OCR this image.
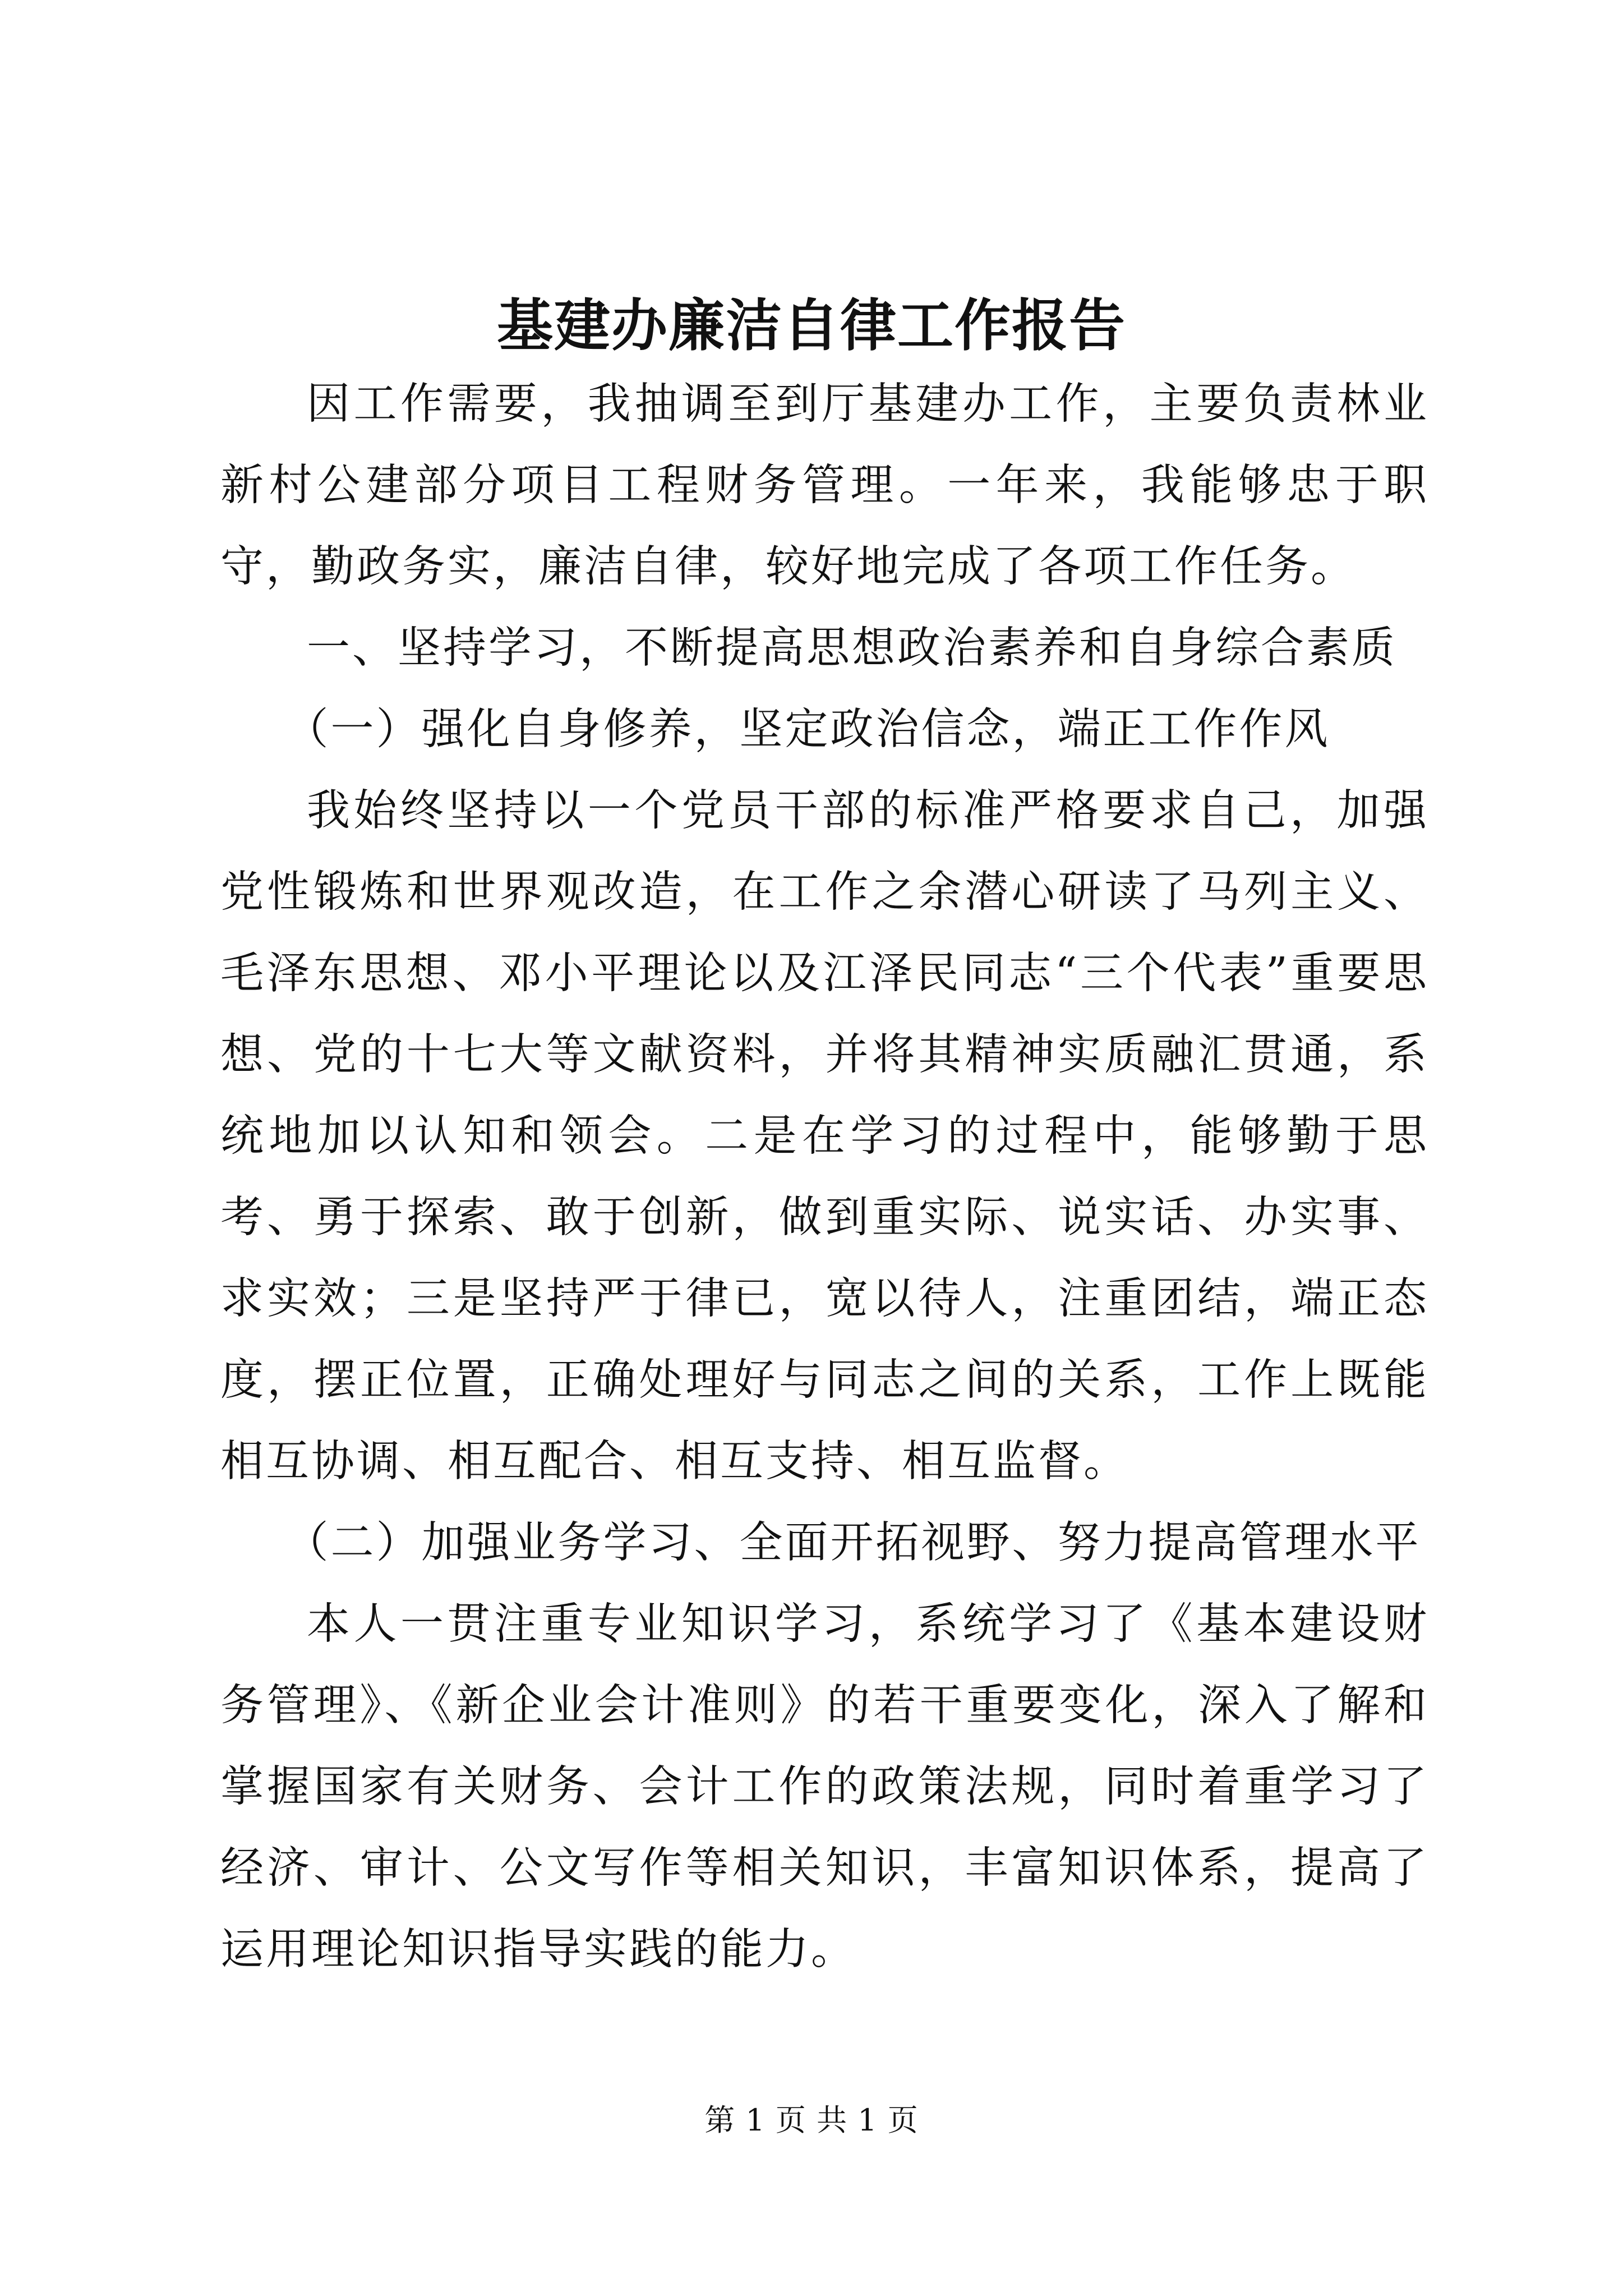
基建办廉洁自律工作报告

因工作需要，我抽调至到厅基建办工作，主要负责林业新村公建部分项目工程财务管理。一年来，我能够忠于职守，勤政务实，廉洁自律，较好地完成了各项工作任务。

一、坚持学习，不断提高思想政治素养和自身综合素质

（一）强化自身修养，坚定政治信念，端正工作作风

我始终坚持以一个党员干部的标准严格要求自己，加强党性锻炼和世界观改造，在工作之余潜心研读了马列主义、毛泽东思想、邓小平理论以及江泽民同志“三个代表”重要思想、党的十七大等文献资料，并将其精神实质融汇贯通，系统地加以认知和领会。二是在学习的过程中，能够勤于思考、勇于探索、敢于创新，做到重实际、说实话、办实事、求实效；三是坚持严于律已，宽以待人，注重团结，端正态度，摆正位置，正确处理好与同志之间的关系，工作上既能相互协调、相互配合、相互支持、相互监督。

（二）加强业务学习、全面开拓视野、努力提高管理水平

本人一贯注重专业知识学习，系统学习了《基本建设财务管理》、《新企业会计准则》的若干重要变化，深入了解和掌握国家有关财务、会计工作的政策法规，同时着重学习了经济、审计、公文写作等相关知识，丰富知识体系，提高了运用理论知识指导实践的能力。

第 1 页 共 1 页
